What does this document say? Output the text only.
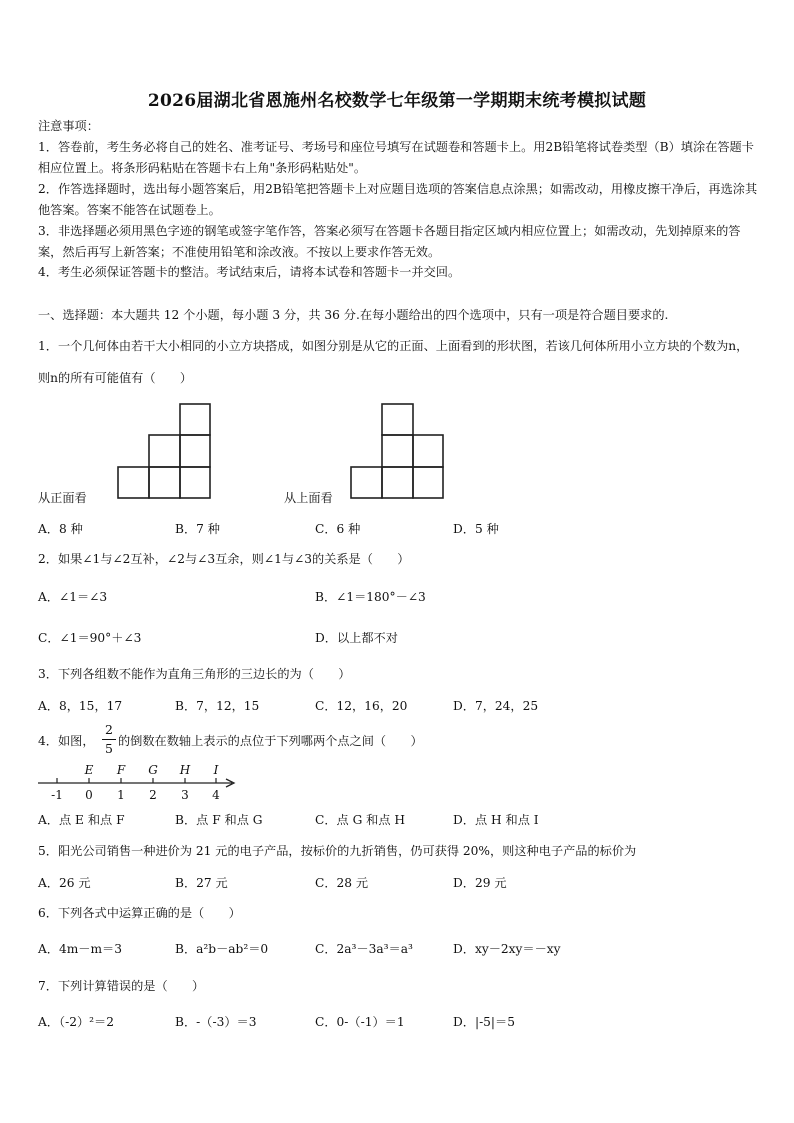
2026届湖北省恩施州名校数学七年级第一学期期末统考模拟试题
注意事项：
1．答卷前，考生务必将自己的姓名、准考证号、考场号和座位号填写在试题卷和答题卡上。用2B铅笔将试卷类型（B）填涂在答题卡相应位置上。将条形码粘贴在答题卡右上角"条形码粘贴处"。
2．作答选择题时，选出每小题答案后，用2B铅笔把答题卡上对应题目选项的答案信息点涂黑；如需改动，用橡皮擦干净后，再选涂其他答案。答案不能答在试题卷上。
3．非选择题必须用黑色字迹的钢笔或签字笔作答，答案必须写在答题卡各题目指定区域内相应位置上；如需改动，先划掉原来的答案，然后再写上新答案；不准使用铅笔和涂改液。不按以上要求作答无效。
4．考生必须保证答题卡的整洁。考试结束后，请将本试卷和答题卡一并交回。
一、选择题：本大题共 12 个小题，每小题 3 分，共 36 分.在每小题给出的四个选项中，只有一项是符合题目要求的.
1．一个几何体由若干大小相同的小立方块搭成，如图分别是从它的正面、上面看到的形状图，若该几何体所用小立方块的个数为n，则n的所有可能值有（　　）
从正面看	从上面看
A．8 种	B．7 种	C．6 种	D．5 种
2．如果∠1与∠2互补，∠2与∠3互余，则∠1与∠3的关系是（　　）
A．∠1＝∠3	B．∠1＝180°－∠3
C．∠1＝90°＋∠3	D．以上都不对
3．下列各组数不能作为直角三角形的三边长的为（　　）
A．8，15，17	B．7，12，15	C．12，16，20	D．7，24，25
4．如图，
2
5 的倒数在数轴上表示的点位于下列哪两个点之间（　　）
E F G H I
-1 0 1 2 3 4
A．点 E 和点 F	B．点 F 和点 G	C．点 G 和点 H	D．点 H 和点 I
5．阳光公司销售一种进价为 21 元的电子产品，按标价的九折销售，仍可获得 20%，则这种电子产品的标价为
A．26 元	B．27 元	C．28 元	D．29 元
6．下列各式中运算正确的是（　　）
A．4m－m＝3	B．a²b－ab²＝0	C．2a³－3a³＝a³	D．xy－2xy＝－xy
7．下列计算错误的是（　　）
A．（-2）²＝2	B．-（-3）＝3	C．0-（-1）＝1	D．|-5|＝5
